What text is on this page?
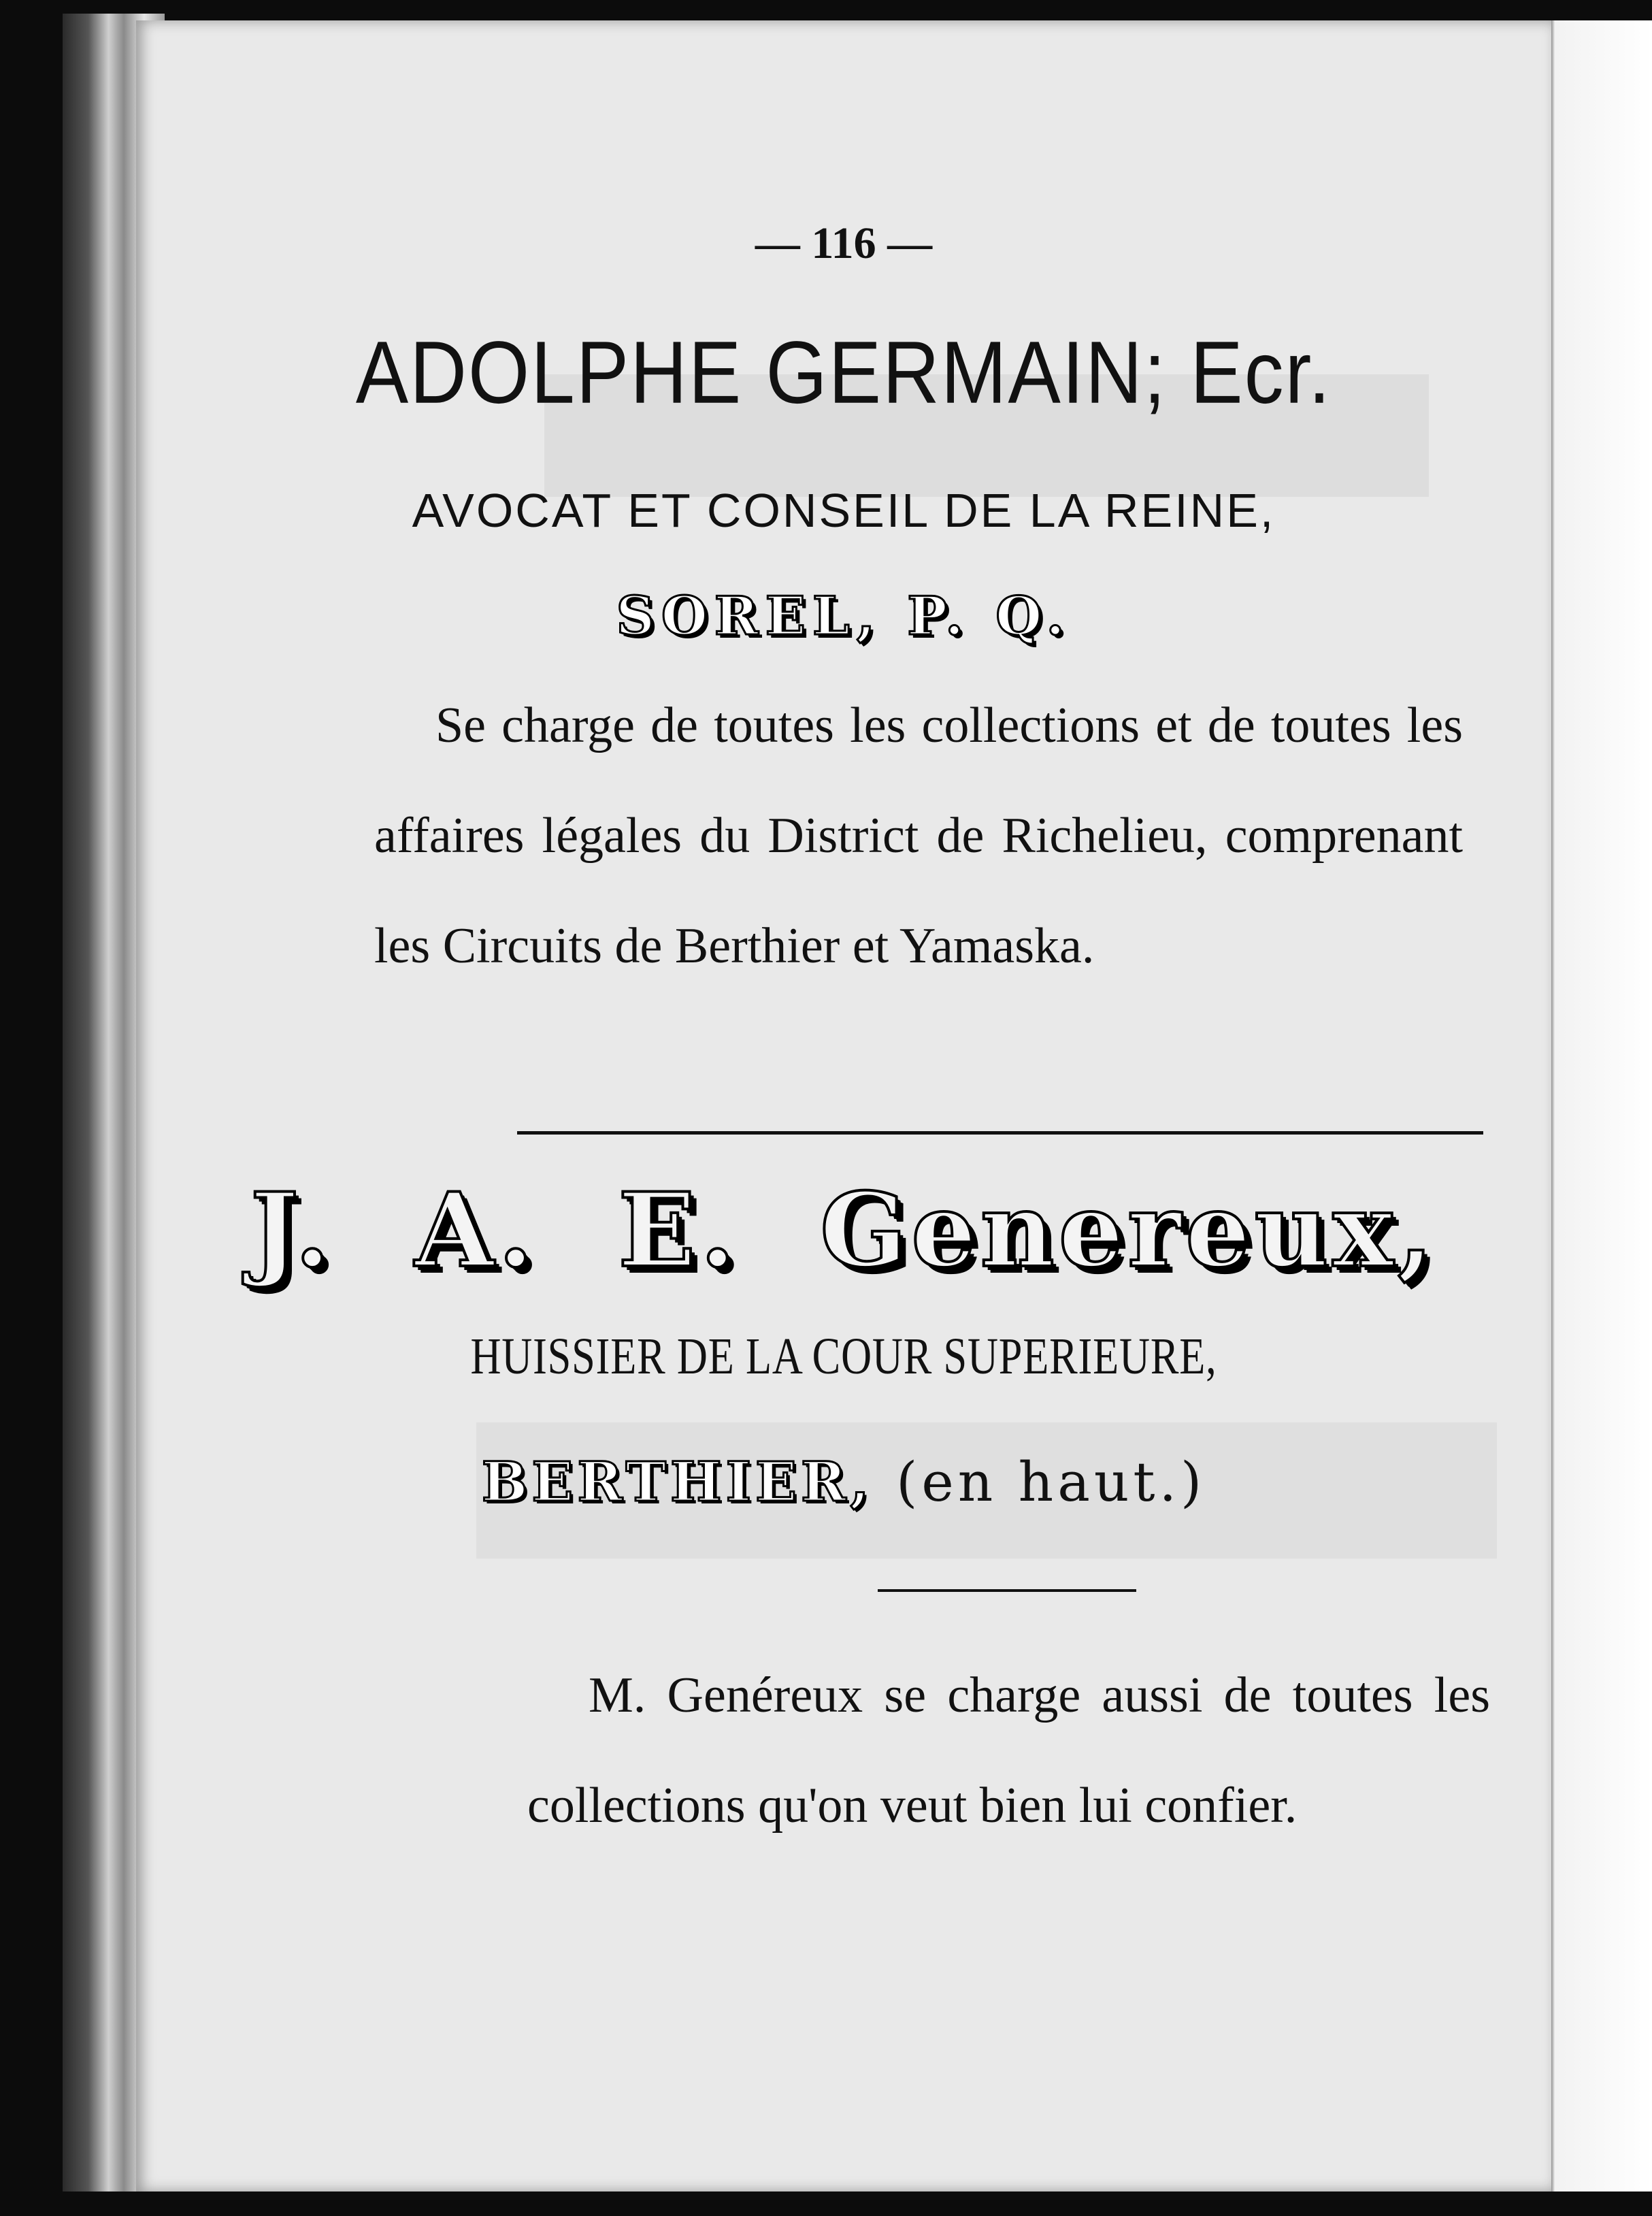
— 116 —
ADOLPHE GERMAIN; Ecr.
AVOCAT ET CONSEIL DE LA REINE,
SOREL, P. Q.
Se charge de toutes les collections et de toutes les affaires légales du District de Richelieu, comprenant les Circuits de Berthier et Yamaska.
J. A. E. Genereux,
HUISSIER DE LA COUR SUPERIEURE,
BERTHIER, (en haut.)
M. Genéreux se charge aussi de toutes les collections qu'on veut bien lui confier.
